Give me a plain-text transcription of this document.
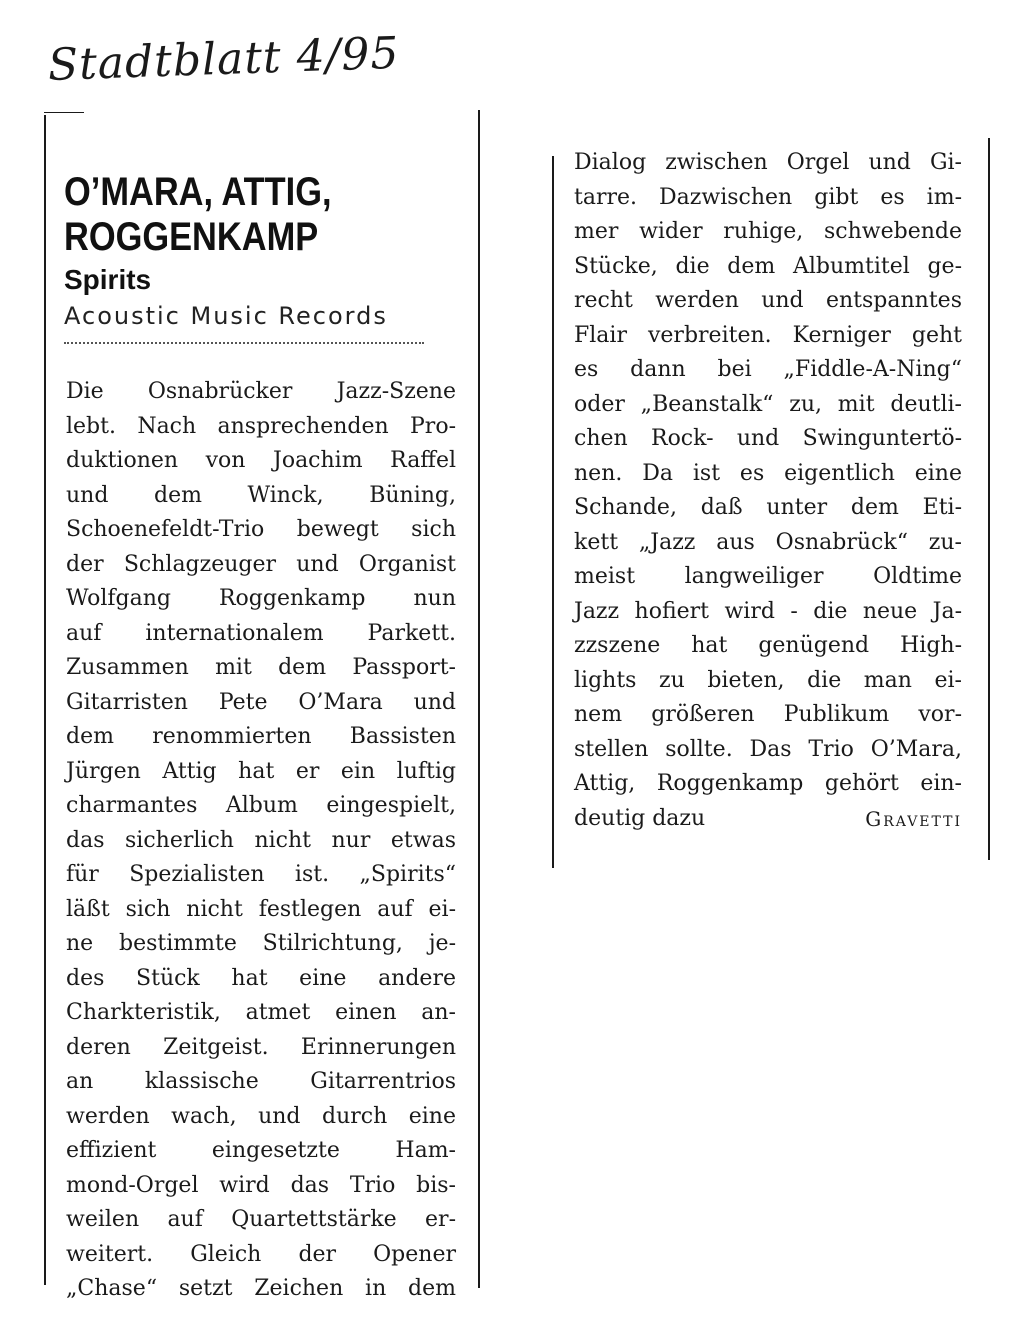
Stadtblatt 4/95
O’MARA, ATTIG,
ROGGENKAMP
Spirits
Acoustic Music Records
Die Osnabrücker Jazz-Szene
lebt. Nach ansprechenden Pro-
duktionen von Joachim Raffel
und dem Winck, Büning,
Schoenefeldt-Trio bewegt sich
der Schlagzeuger und Organist
Wolfgang Roggenkamp nun
auf internationalem Parkett.
Zusammen mit dem Passport-
Gitarristen Pete O’Mara und
dem renommierten Bassisten
Jürgen Attig hat er ein luftig
charmantes Album eingespielt,
das sicherlich nicht nur etwas
für Spezialisten ist. „Spirits“
läßt sich nicht festlegen auf ei-
ne bestimmte Stilrichtung, je-
des Stück hat eine andere
Charkteristik, atmet einen an-
deren Zeitgeist. Erinnerungen
an klassische Gitarrentrios
werden wach, und durch eine
effizient eingesetzte Ham-
mond-Orgel wird das Trio bis-
weilen auf Quartettstärke er-
weitert. Gleich der Opener
„Chase“ setzt Zeichen in dem
Dialog zwischen Orgel und Gi-
tarre. Dazwischen gibt es im-
mer wider ruhige, schwebende
Stücke, die dem Albumtitel ge-
recht werden und entspanntes
Flair verbreiten. Kerniger geht
es dann bei „Fiddle-A-Ning“
oder „Beanstalk“ zu, mit deutli-
chen Rock- und Swinguntertö-
nen. Da ist es eigentlich eine
Schande, daß unter dem Eti-
kett „Jazz aus Osnabrück“ zu-
meist langweiliger Oldtime
Jazz hofiert wird - die neue Ja-
zzszene hat genügend High-
lights zu bieten, die man ei-
nem größeren Publikum vor-
stellen sollte. Das Trio O’Mara,
Attig, Roggenkamp gehört ein-
deutig dazu	Gravetti
